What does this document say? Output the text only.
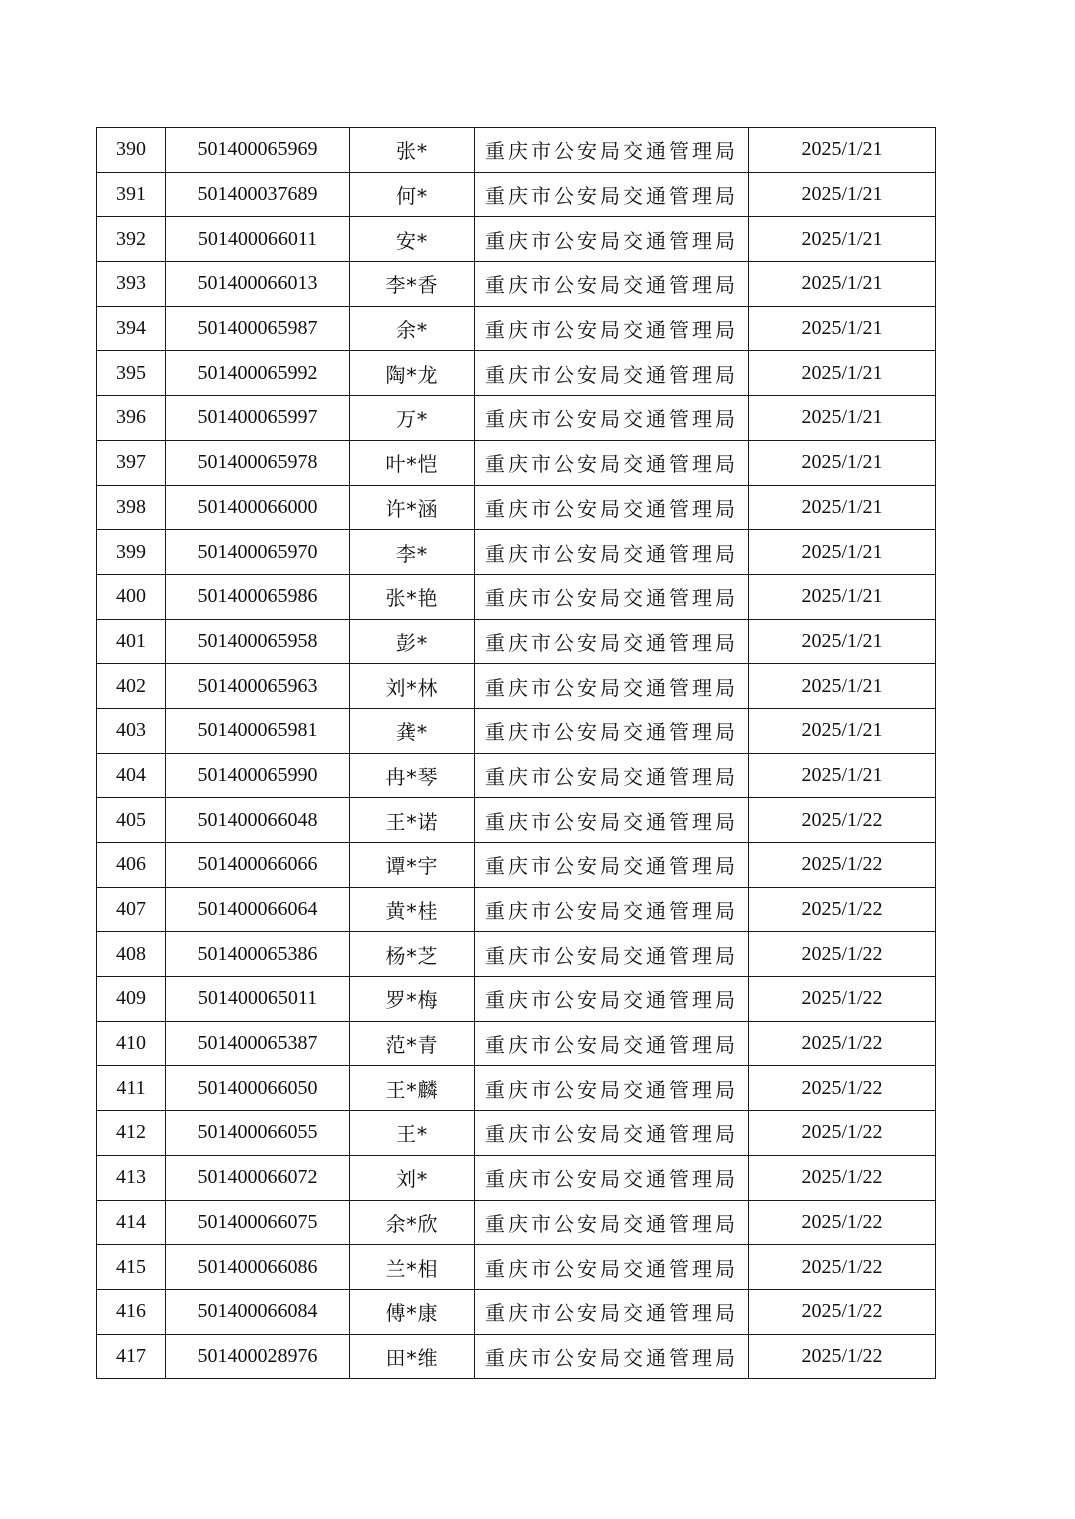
390	501400065969	张*	重庆市公安局交通管理局	2025/1/21
391	501400037689	何*	重庆市公安局交通管理局	2025/1/21
392	501400066011	安*	重庆市公安局交通管理局	2025/1/21
393	501400066013	李*香	重庆市公安局交通管理局	2025/1/21
394	501400065987	余*	重庆市公安局交通管理局	2025/1/21
395	501400065992	陶*龙	重庆市公安局交通管理局	2025/1/21
396	501400065997	万*	重庆市公安局交通管理局	2025/1/21
397	501400065978	叶*恺	重庆市公安局交通管理局	2025/1/21
398	501400066000	许*涵	重庆市公安局交通管理局	2025/1/21
399	501400065970	李*	重庆市公安局交通管理局	2025/1/21
400	501400065986	张*艳	重庆市公安局交通管理局	2025/1/21
401	501400065958	彭*	重庆市公安局交通管理局	2025/1/21
402	501400065963	刘*林	重庆市公安局交通管理局	2025/1/21
403	501400065981	龚*	重庆市公安局交通管理局	2025/1/21
404	501400065990	冉*琴	重庆市公安局交通管理局	2025/1/21
405	501400066048	王*诺	重庆市公安局交通管理局	2025/1/22
406	501400066066	谭*宇	重庆市公安局交通管理局	2025/1/22
407	501400066064	黄*桂	重庆市公安局交通管理局	2025/1/22
408	501400065386	杨*芝	重庆市公安局交通管理局	2025/1/22
409	501400065011	罗*梅	重庆市公安局交通管理局	2025/1/22
410	501400065387	范*青	重庆市公安局交通管理局	2025/1/22
411	501400066050	王*麟	重庆市公安局交通管理局	2025/1/22
412	501400066055	王*	重庆市公安局交通管理局	2025/1/22
413	501400066072	刘*	重庆市公安局交通管理局	2025/1/22
414	501400066075	余*欣	重庆市公安局交通管理局	2025/1/22
415	501400066086	兰*相	重庆市公安局交通管理局	2025/1/22
416	501400066084	傅*康	重庆市公安局交通管理局	2025/1/22
417	501400028976	田*维	重庆市公安局交通管理局	2025/1/22
